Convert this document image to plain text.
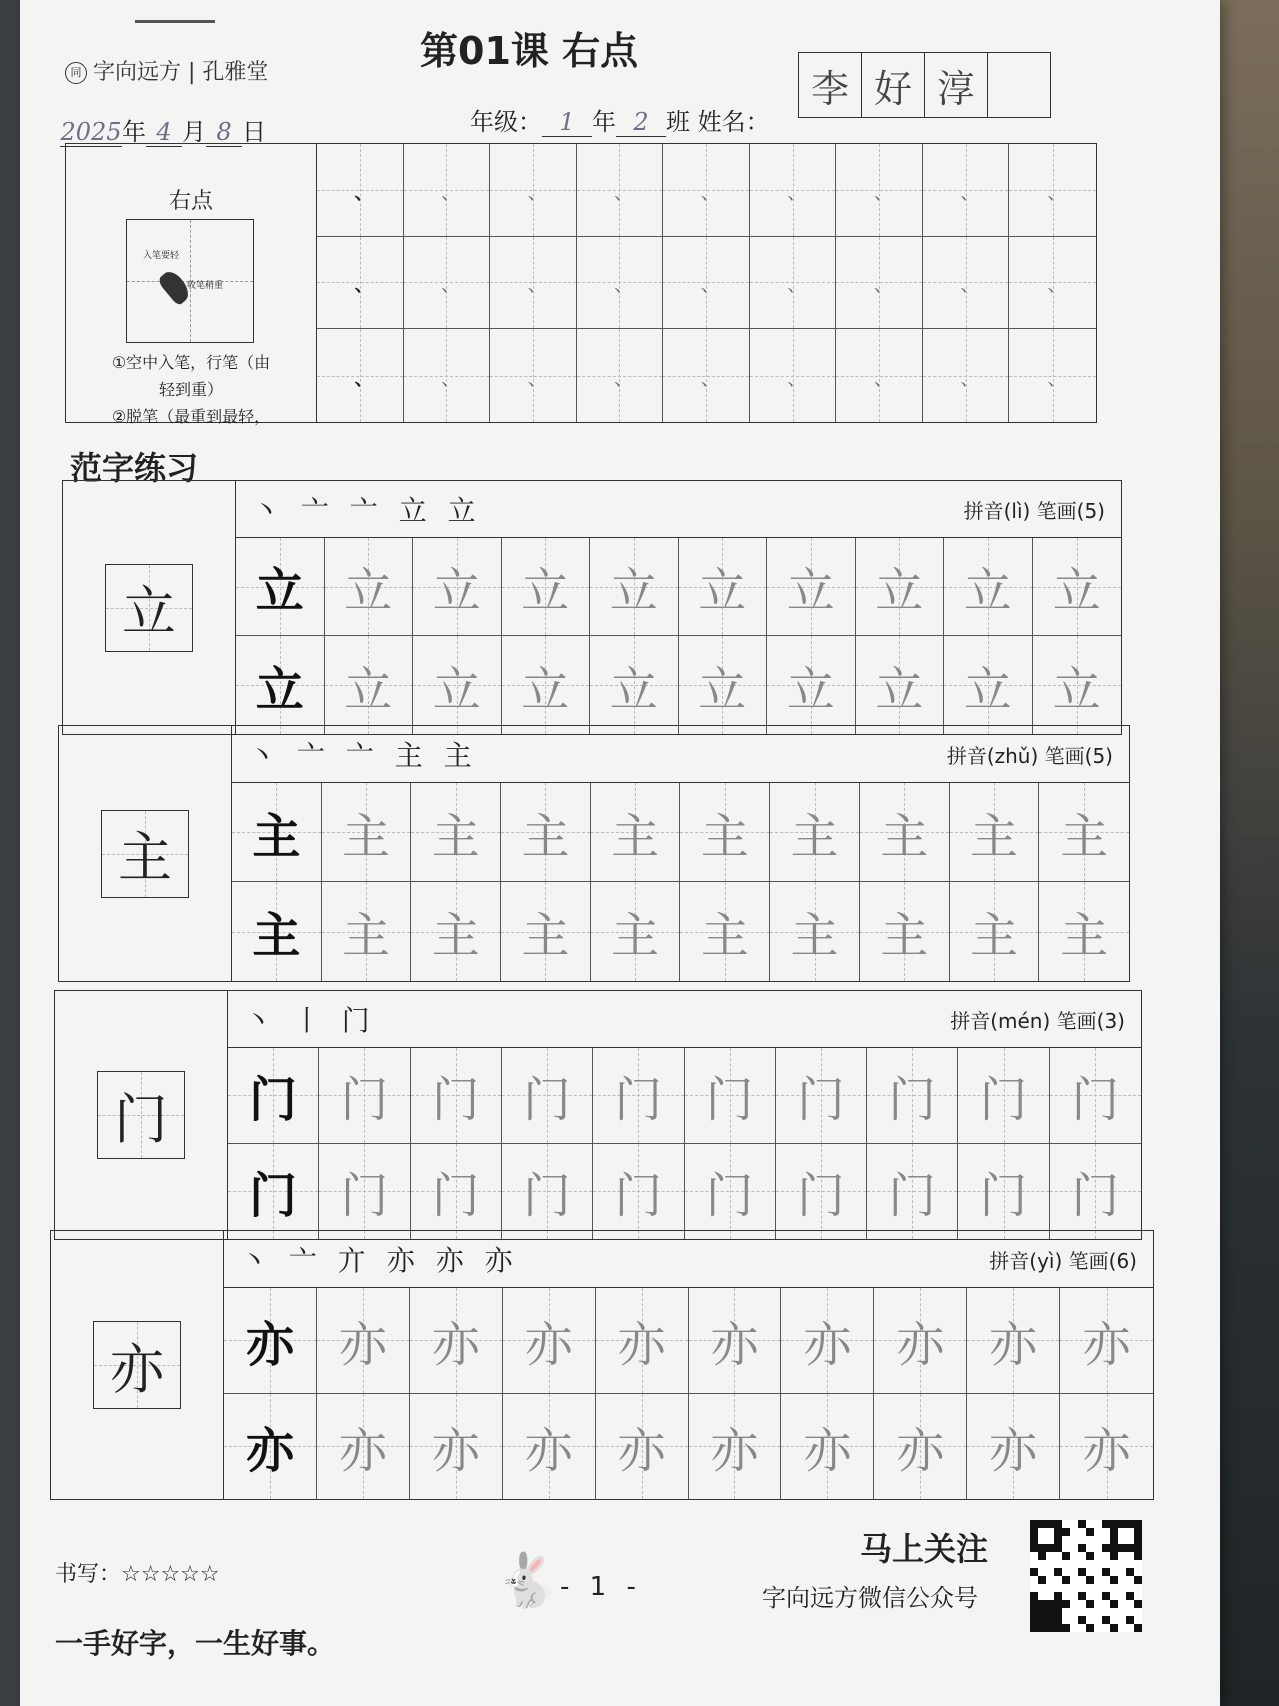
同 字向远方 | 孔雅堂	第01课 右点
2025年 4 月 8 日	年级： 1 年 2 班 姓名：
李 好 淳
右点
入笔要轻
收笔稍重
①空中入笔，行笔（由
轻到重）
②脱笔（最重到最轻，
、	、	、	、	、	、	、	、	、
、	、	、	、	、	、	、	、	、
、	、	、	、	、	、	、	、	、
范字练习
立
丶 亠 亠 立 立	拼音(lì) 笔画(5)
立 立 立 立 立 立 立 立 立 立
立 立 立 立 立 立 立 立 立 立
主
丶 亠 亠 主 主	拼音(zhǔ) 笔画(5)
主 主 主 主 主 主 主 主 主 主
主 主 主 主 主 主 主 主 主 主
门
丶 丨 门	拼音(mén) 笔画(3)
门 门 门 门 门 门 门 门 门 门
门 门 门 门 门 门 门 门 门 门
亦
丶 亠 亣 亦 亦 亦	拼音(yì) 笔画(6)
亦 亦 亦 亦 亦 亦 亦 亦 亦 亦
亦 亦 亦 亦 亦 亦 亦 亦 亦 亦
书写：☆☆☆☆☆
一手好字，一生好事。
🐇 - 1 -
马上关注
字向远方微信公众号
